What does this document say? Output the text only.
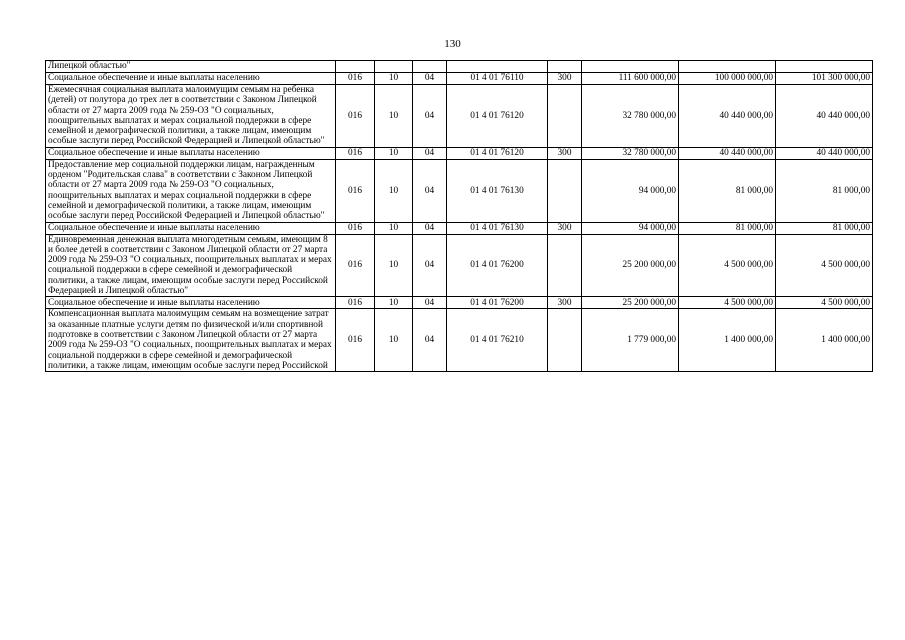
130
Липецкой областью"								
Социальное обеспечение и иные выплаты населению	016	10	04	01 4 01 76110	300	111 600 000,00	100 000 000,00	101 300 000,00
Ежемесячная социальная выплата малоимущим семьям на ребенка (детей) от полутора до трех лет в соответствии с Законом Липецкой области от 27 марта 2009 года № 259-ОЗ "О социальных, поощрительных выплатах и мерах социальной поддержки в сфере семейной и демографической политики, а также лицам, имеющим особые заслуги перед Российской Федерацией и Липецкой областью"	016	10	04	01 4 01 76120		32 780 000,00	40 440 000,00	40 440 000,00
Социальное обеспечение и иные выплаты населению	016	10	04	01 4 01 76120	300	32 780 000,00	40 440 000,00	40 440 000,00
Предоставление мер социальной поддержки лицам, награжденным орденом "Родительская слава" в соответствии с Законом Липецкой области от 27 марта 2009 года № 259-ОЗ "О социальных, поощрительных выплатах и мерах социальной поддержки в сфере семейной и демографической политики, а также лицам, имеющим особые заслуги перед Российской Федерацией и Липецкой областью"	016	10	04	01 4 01 76130		94 000,00	81 000,00	81 000,00
Социальное обеспечение и иные выплаты населению	016	10	04	01 4 01 76130	300	94 000,00	81 000,00	81 000,00
Единовременная денежная выплата многодетным семьям, имеющим 8 и более детей в соответствии с Законом Липецкой области от 27 марта 2009 года № 259-ОЗ "О социальных, поощрительных выплатах и мерах социальной поддержки в сфере семейной и демографической политики, а также лицам, имеющим особые заслуги перед Российской Федерацией и Липецкой областью"	016	10	04	01 4 01 76200		25 200 000,00	4 500 000,00	4 500 000,00
Социальное обеспечение и иные выплаты населению	016	10	04	01 4 01 76200	300	25 200 000,00	4 500 000,00	4 500 000,00
Компенсационная выплата малоимущим семьям на возмещение затрат за оказанные платные услуги детям по физической и/или спортивной подготовке в соответствии с Законом Липецкой области от 27 марта 2009 года № 259-ОЗ "О социальных, поощрительных выплатах и мерах социальной поддержки в сфере семейной и демографической политики, а также лицам, имеющим особые заслуги перед Российской	016	10	04	01 4 01 76210		1 779 000,00	1 400 000,00	1 400 000,00
